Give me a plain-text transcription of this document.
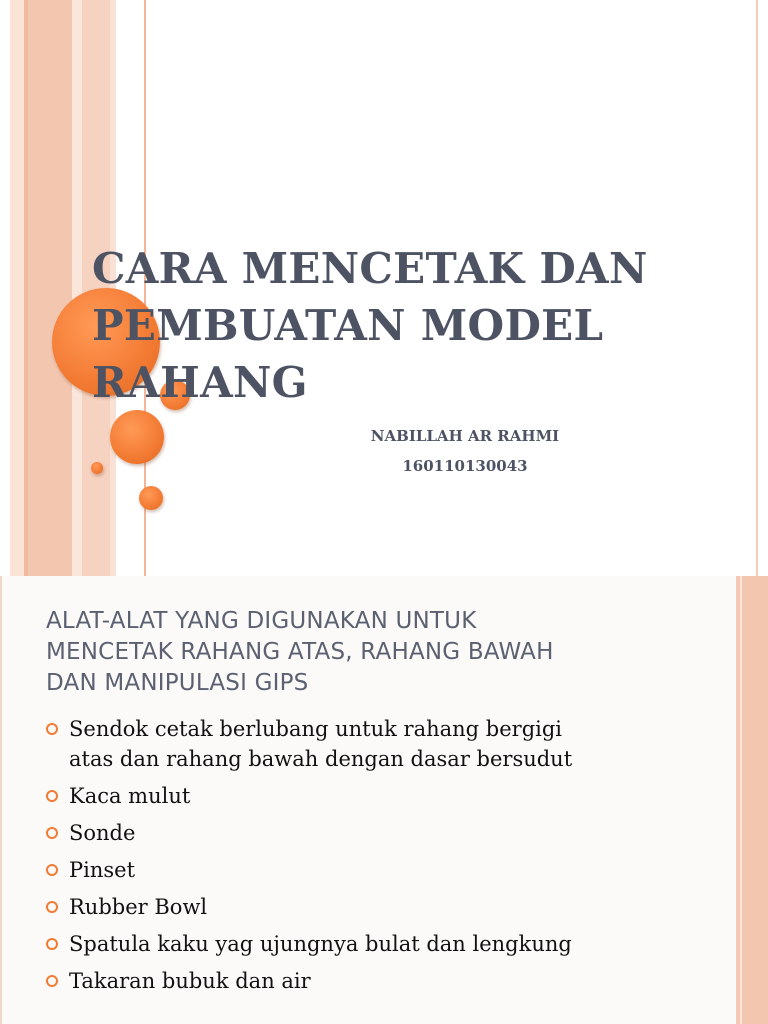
CARA MENCETAK DAN
PEMBUATAN MODEL
RAHANG

NABILLAH AR RAHMI

160110130043

ALAT-ALAT YANG DIGUNAKAN UNTUK
MENCETAK RAHANG ATAS, RAHANG BAWAH
DAN MANIPULASI GIPS
Sendok cetak berlubang untuk rahang bergigi
atas dan rahang bawah dengan dasar bersudut
Kaca mulut
Sonde
Pinset
Rubber Bowl
Spatula kaku yag ujungnya bulat dan lengkung
Takaran bubuk dan air
